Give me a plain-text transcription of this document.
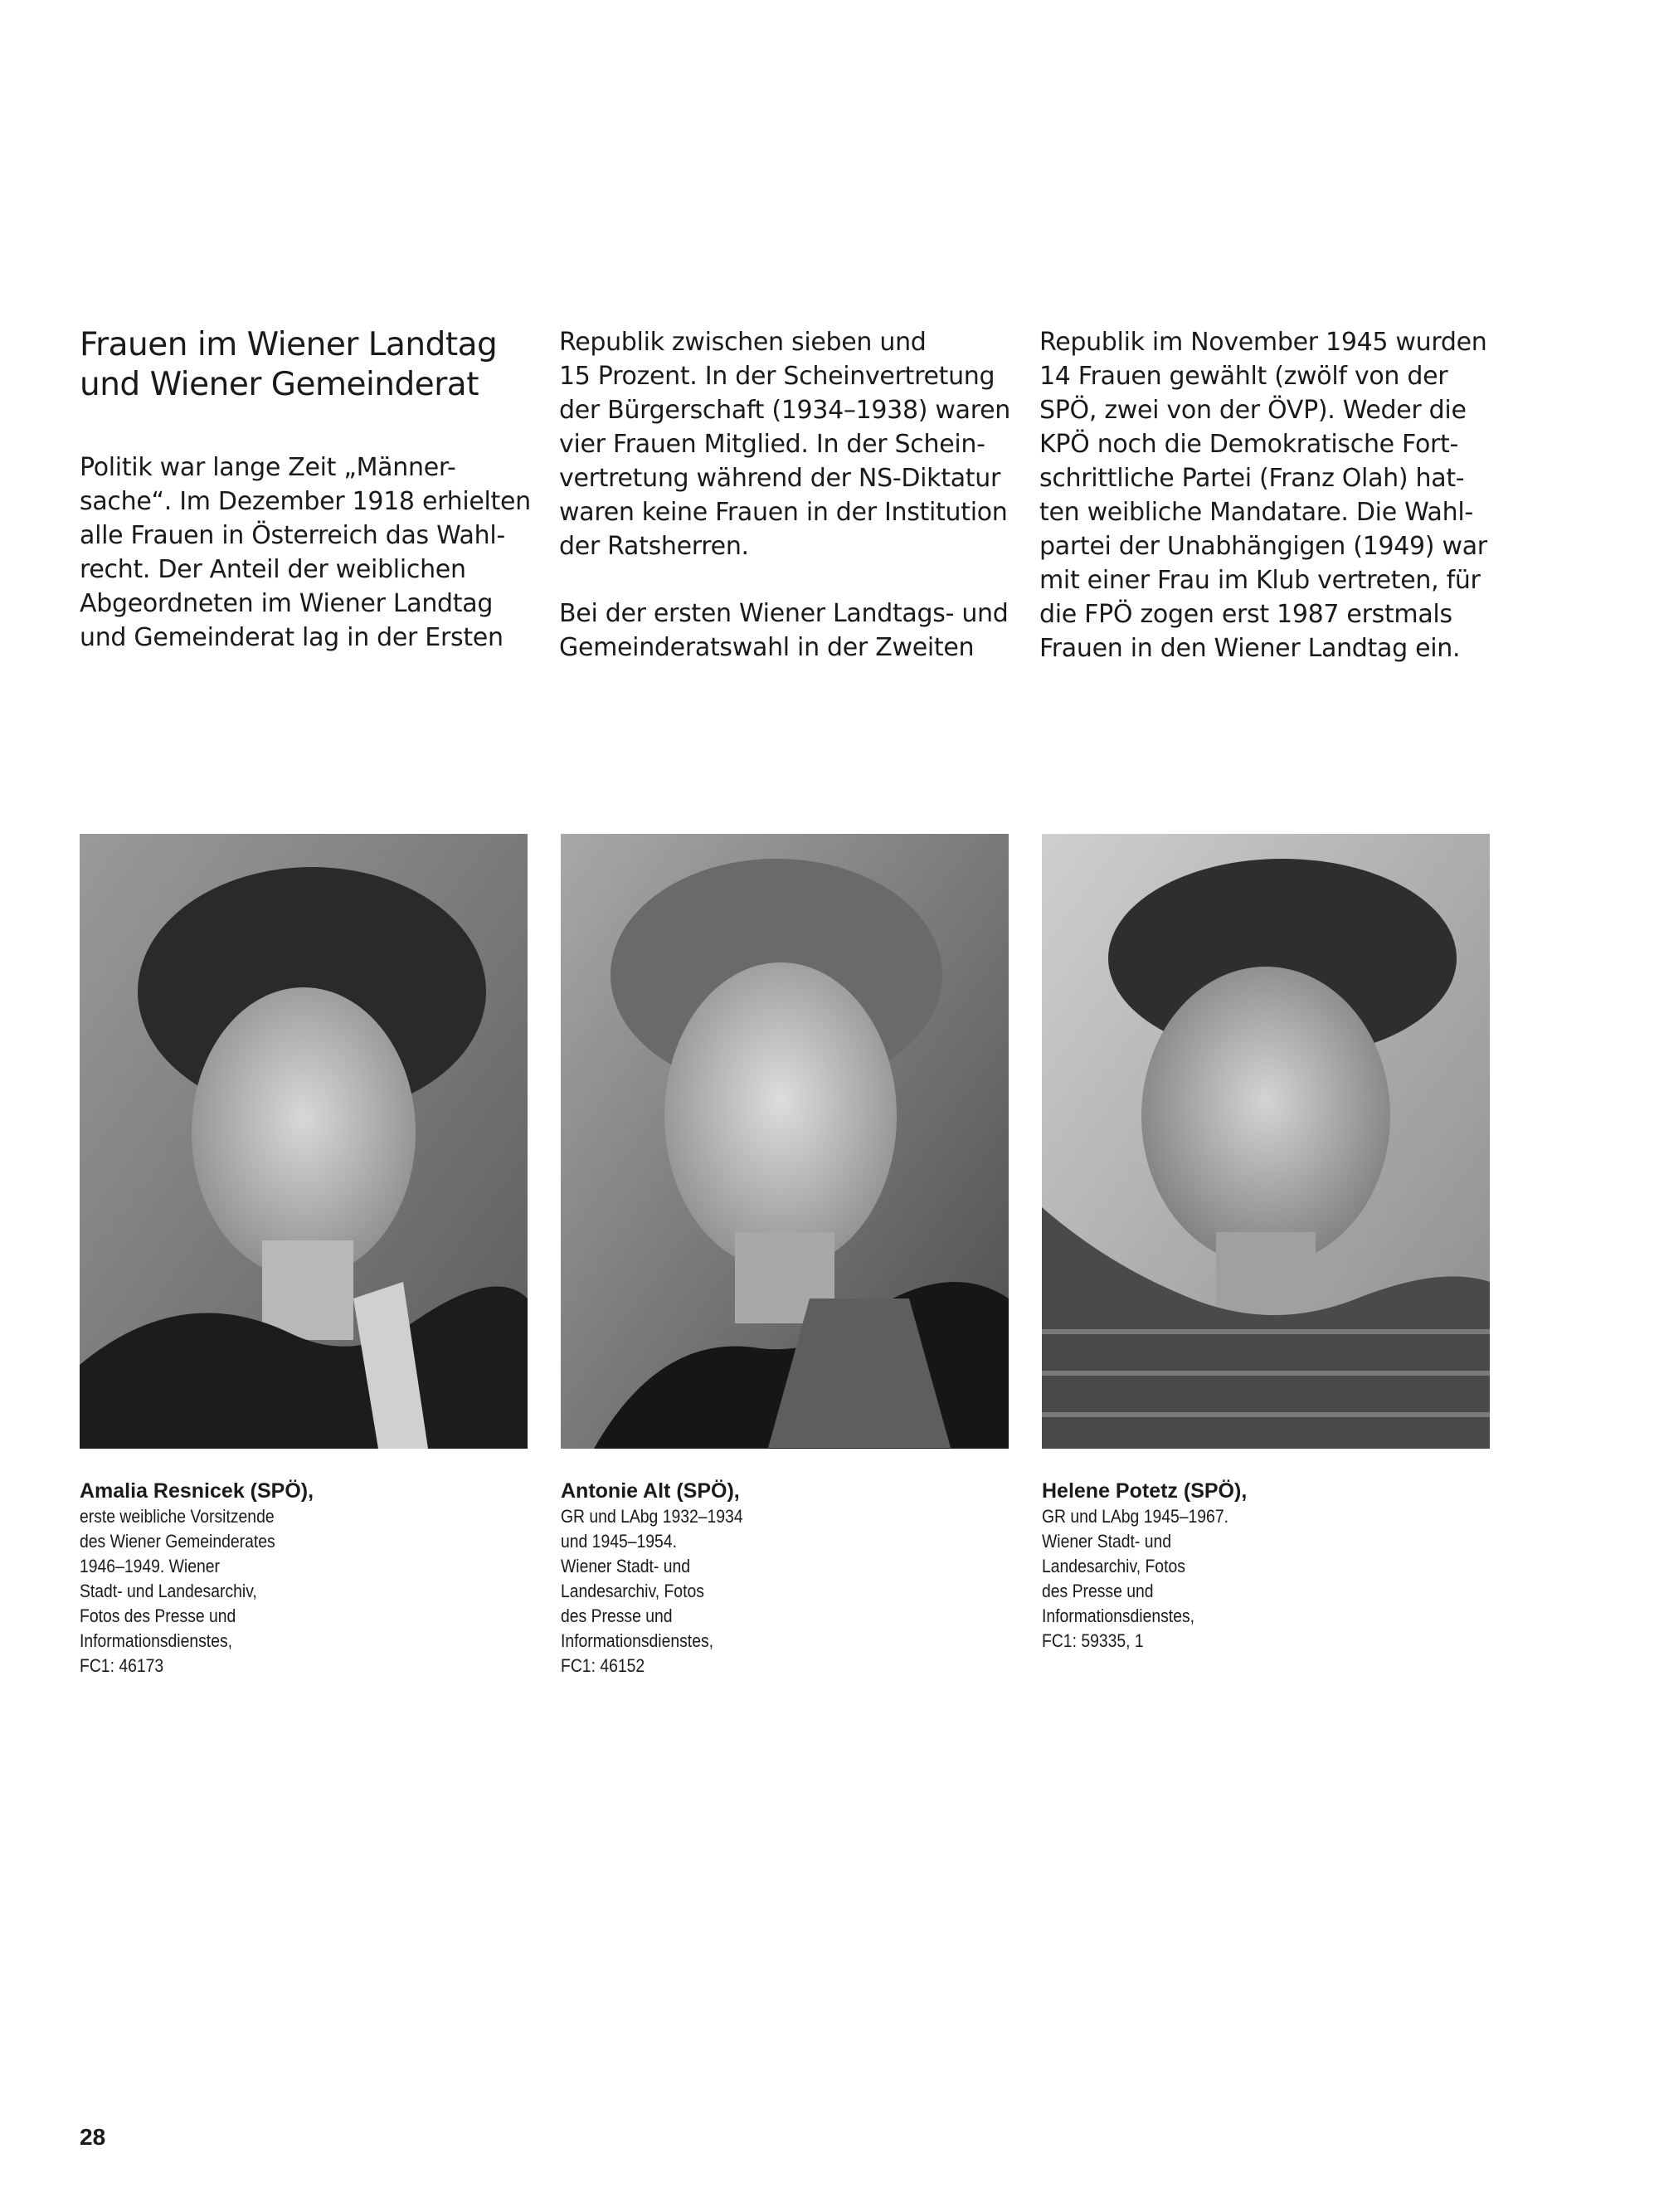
Frauen im Wiener Landtag
und Wiener Gemeinderat

Politik war lange Zeit „Männer-
sache“. Im Dezember 1918 erhielten
alle Frauen in Österreich das Wahl-
recht. Der Anteil der weiblichen
Abgeordneten im Wiener Landtag
und Gemeinderat lag in der Ersten

Republik zwischen sieben und
15 Prozent. In der Scheinvertretung
der Bürgerschaft (1934–1938) waren
vier Frauen Mitglied. In der Schein-
vertretung während der NS-Diktatur
waren keine Frauen in der Institution
der Ratsherren.

Bei der ersten Wiener Landtags- und
Gemeinderatswahl in der Zweiten

Republik im November 1945 wurden
14 Frauen gewählt (zwölf von der
SPÖ, zwei von der ÖVP). Weder die
KPÖ noch die Demokratische Fort-
schrittliche Partei (Franz Olah) hat-
ten weibliche Mandatare. Die Wahl-
partei der Unabhängigen (1949) war
mit einer Frau im Klub vertreten, für
die FPÖ zogen erst 1987 erstmals
Frauen in den Wiener Landtag ein.

Amalia Resnicek (SPÖ),
erste weibliche Vorsitzende
des Wiener Gemeinderates
1946–1949. Wiener
Stadt- und Landesarchiv,
Fotos des Presse und
Informationsdienstes,
FC1: 46173
Antonie Alt (SPÖ),
GR und LAbg 1932–1934
und 1945–1954.
Wiener Stadt- und
Landesarchiv, Fotos
des Presse und
Informationsdienstes,
FC1: 46152
Helene Potetz (SPÖ),
GR und LAbg 1945–1967.
Wiener Stadt- und
Landesarchiv, Fotos
des Presse und
Informationsdienstes,
FC1: 59335, 1
28
